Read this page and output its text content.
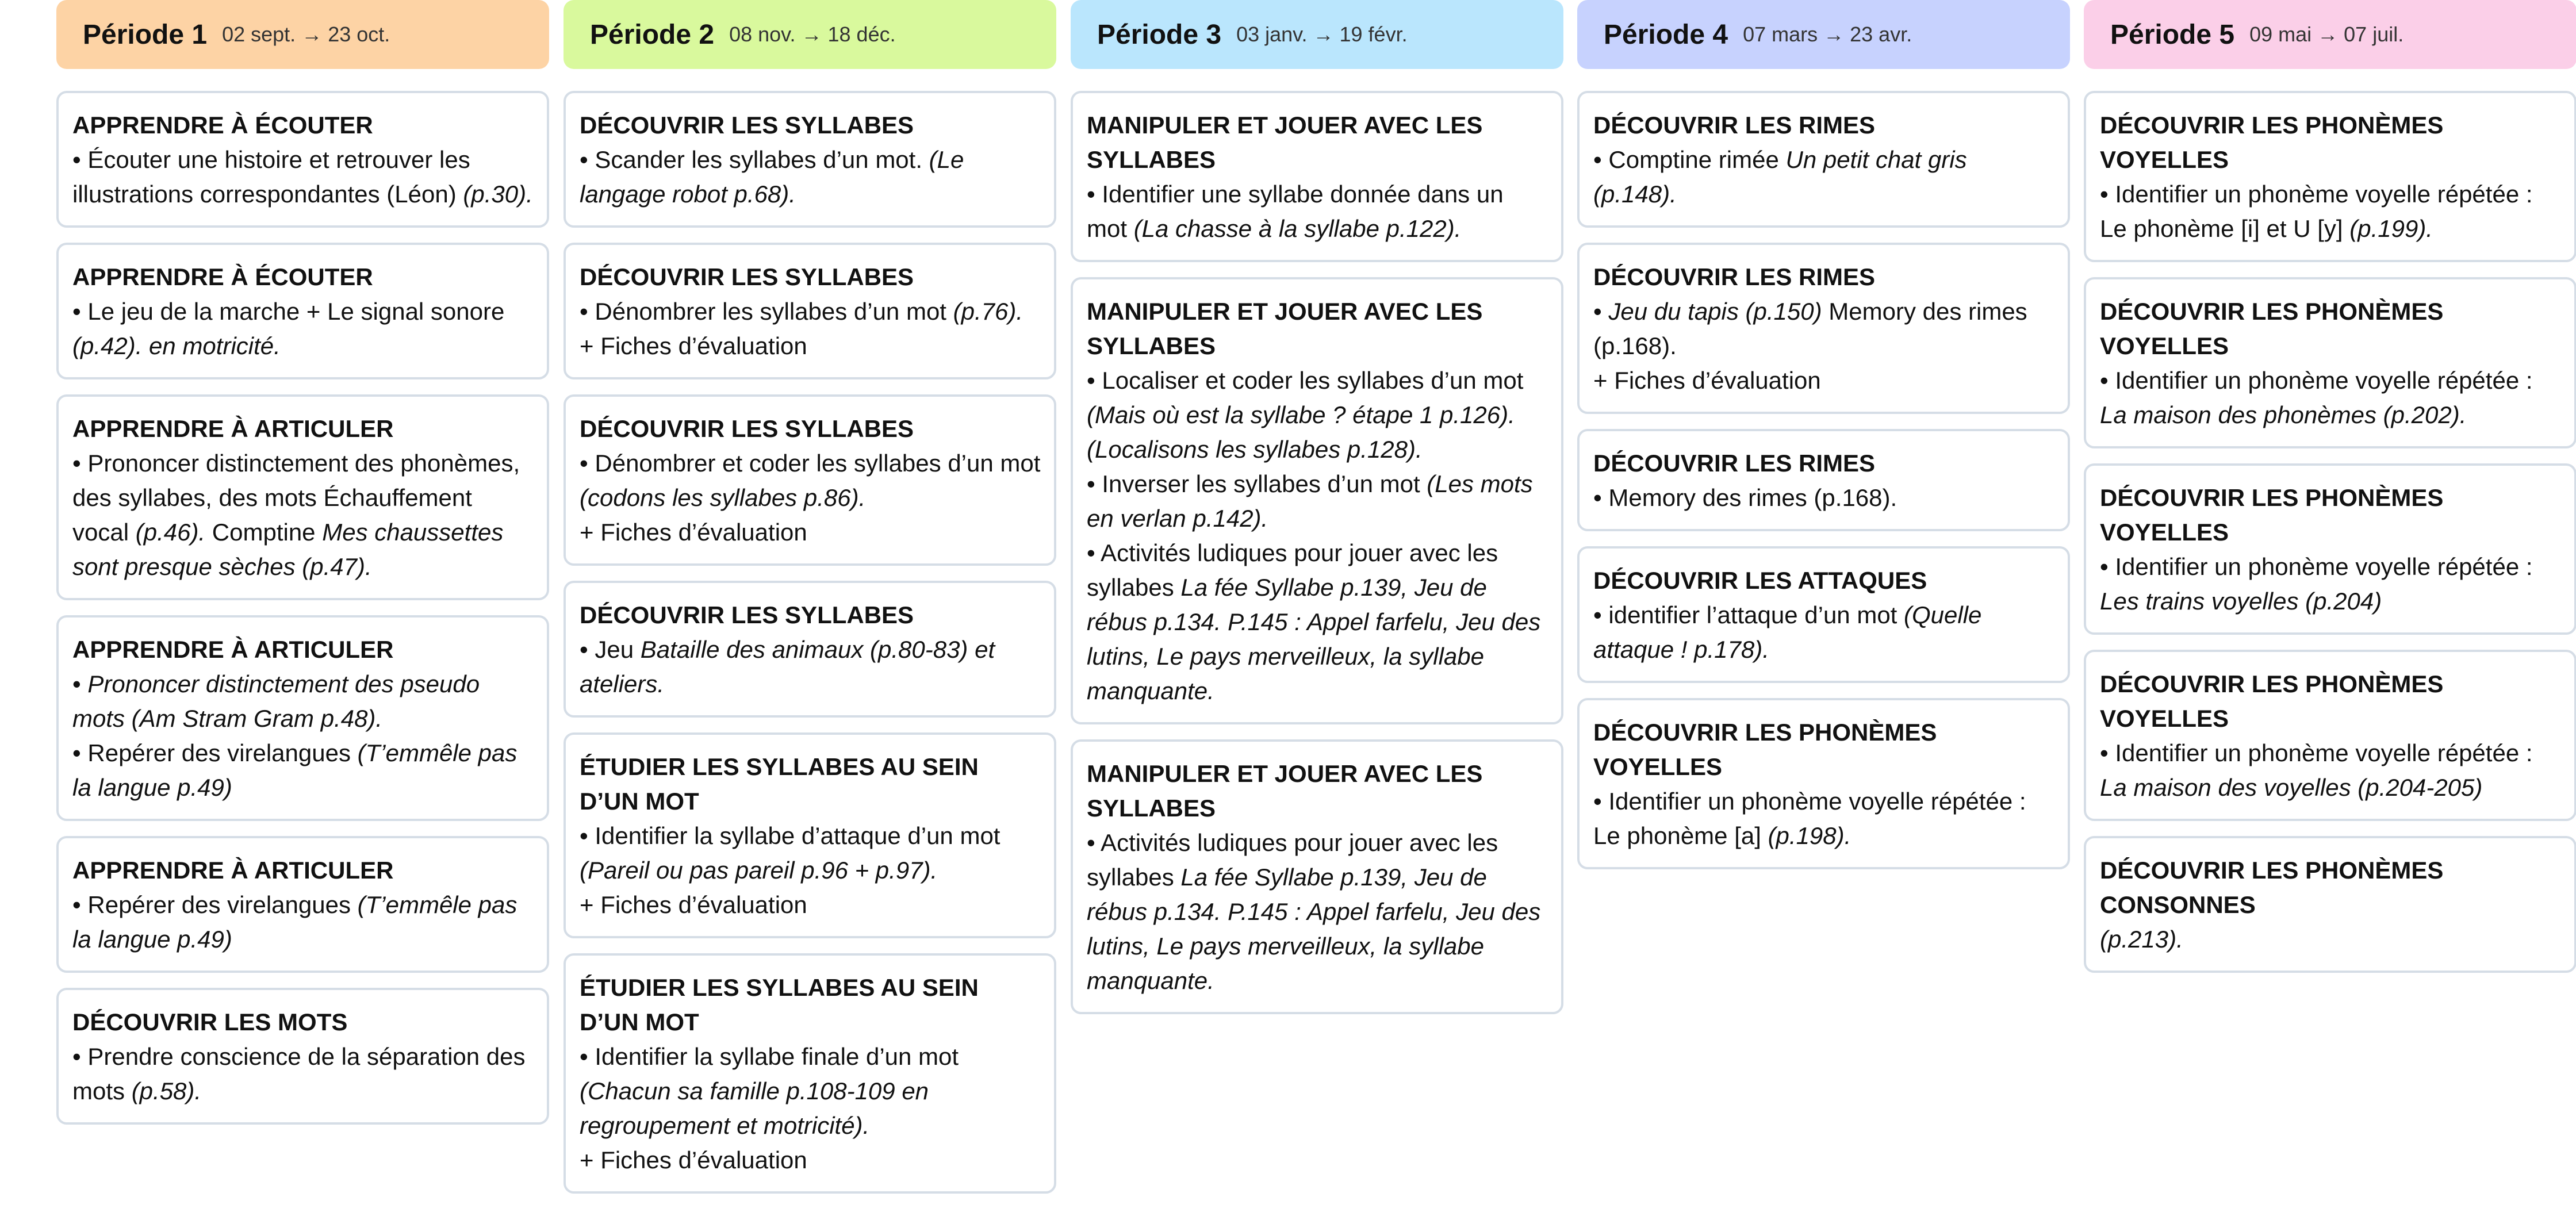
Période 1 02 sept. → 23 oct.
APPRENDRE À ÉCOUTER
• Écouter une histoire et retrouver les illustrations correspondantes (Léon) (p.30).
APPRENDRE À ÉCOUTER
• Le jeu de la marche + Le signal sonore (p.42). en motricité.
APPRENDRE À ARTICULER
• Prononcer distinctement des phonèmes, des syllabes, des mots Échauffement vocal (p.46). Comptine Mes chaussettes sont presque sèches (p.47).
APPRENDRE À ARTICULER
• Prononcer distinctement des pseudo mots (Am Stram Gram p.48).
• Repérer des virelangues (T’emmêle pas la langue p.49)
APPRENDRE À ARTICULER
• Repérer des virelangues (T’emmêle pas la langue p.49)
DÉCOUVRIR LES MOTS
• Prendre conscience de la séparation des mots (p.58).
Période 2 08 nov. → 18 déc.
DÉCOUVRIR LES SYLLABES
• Scander les syllabes d’un mot. (Le langage robot p.68).
DÉCOUVRIR LES SYLLABES
• Dénombrer les syllabes d’un mot (p.76).
+ Fiches d’évaluation
DÉCOUVRIR LES SYLLABES
• Dénombrer et coder les syllabes d’un mot (codons les syllabes p.86).
+ Fiches d’évaluation
DÉCOUVRIR LES SYLLABES
• Jeu Bataille des animaux (p.80-83) et ateliers.
ÉTUDIER LES SYLLABES AU SEIN D’UN MOT
• Identifier la syllabe d’attaque d’un mot (Pareil ou pas pareil p.96 + p.97).
+ Fiches d’évaluation
ÉTUDIER LES SYLLABES AU SEIN D’UN MOT
• Identifier la syllabe finale d’un mot (Chacun sa famille p.108-109 en regroupement et motricité).
+ Fiches d’évaluation
Période 3 03 janv. → 19 févr.
MANIPULER ET JOUER AVEC LES SYLLABES
• Identifier une syllabe donnée dans un mot (La chasse à la syllabe p.122).
MANIPULER ET JOUER AVEC LES SYLLABES
• Localiser et coder les syllabes d’un mot (Mais où est la syllabe ? étape 1 p.126). (Localisons les syllabes p.128).
• Inverser les syllabes d’un mot (Les mots en verlan p.142).
• Activités ludiques pour jouer avec les syllabes La fée Syllabe p.139, Jeu de rébus p.134. P.145 : Appel farfelu, Jeu des lutins, Le pays merveilleux, la syllabe manquante.
MANIPULER ET JOUER AVEC LES SYLLABES
• Activités ludiques pour jouer avec les syllabes La fée Syllabe p.139, Jeu de rébus p.134. P.145 : Appel farfelu, Jeu des lutins, Le pays merveilleux, la syllabe manquante.
Période 4 07 mars → 23 avr.
DÉCOUVRIR LES RIMES
• Comptine rimée Un petit chat gris (p.148).
DÉCOUVRIR LES RIMES
• Jeu du tapis (p.150) Memory des rimes (p.168).
+ Fiches d’évaluation
DÉCOUVRIR LES RIMES
• Memory des rimes (p.168).
DÉCOUVRIR LES ATTAQUES
• identifier l’attaque d’un mot (Quelle attaque ! p.178).
DÉCOUVRIR LES PHONÈMES VOYELLES
• Identifier un phonème voyelle répétée :
Le phonème [a] (p.198).
Période 5 09 mai → 07 juil.
DÉCOUVRIR LES PHONÈMES VOYELLES
• Identifier un phonème voyelle répétée :
Le phonème [i] et U [y] (p.199).
DÉCOUVRIR LES PHONÈMES VOYELLES
• Identifier un phonème voyelle répétée :
La maison des phonèmes (p.202).
DÉCOUVRIR LES PHONÈMES VOYELLES
• Identifier un phonème voyelle répétée :
Les trains voyelles (p.204)
DÉCOUVRIR LES PHONÈMES VOYELLES
• Identifier un phonème voyelle répétée :
La maison des voyelles (p.204-205)
DÉCOUVRIR LES PHONÈMES CONSONNES
(p.213).
